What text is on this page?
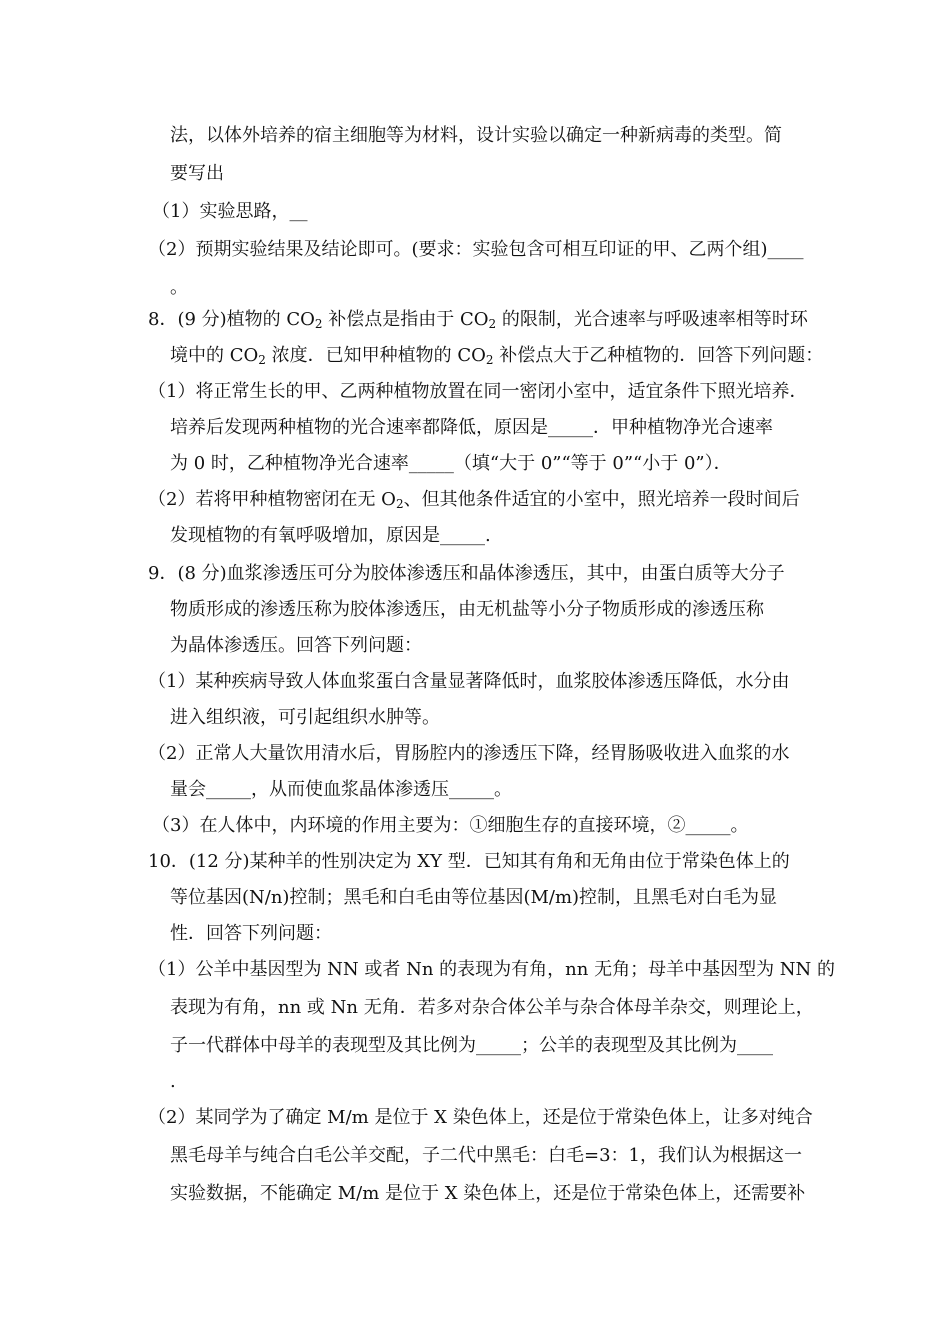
法，以体外培养的宿主细胞等为材料，设计实验以确定一种新病毒的类型。简
要写出
（1）实验思路，__
（2）预期实验结果及结论即可。(要求：实验包含可相互印证的甲、乙两个组)____
。
8．(9 分)植物的 $CO_2$ 补偿点是指由于 $CO_2$ 的限制，光合速率与呼吸速率相等时环
境中的 $CO_2$ 浓度．已知甲种植物的 $CO_2$ 补偿点大于乙种植物的．回答下列问题：
（1）将正常生长的甲、乙两种植物放置在同一密闭小室中，适宜条件下照光培养．
培养后发现两种植物的光合速率都降低，原因是_____．甲种植物净光合速率
为 0 时，乙种植物净光合速率_____（填“大于 0”“等于 0”“小于 0”）．
（2）若将甲种植物密闭在无 $O_2$、但其他条件适宜的小室中，照光培养一段时间后
发现植物的有氧呼吸增加，原因是_____.
9．(8 分)血浆渗透压可分为胶体渗透压和晶体渗透压，其中，由蛋白质等大分子
物质形成的渗透压称为胶体渗透压，由无机盐等小分子物质形成的渗透压称
为晶体渗透压。回答下列问题：
（1）某种疾病导致人体血浆蛋白含量显著降低时，血浆胶体渗透压降低，水分由
进入组织液，可引起组织水肿等。
（2）正常人大量饮用清水后，胃肠腔内的渗透压下降，经胃肠吸收进入血浆的水
量会_____，从而使血浆晶体渗透压_____。
（3）在人体中，内环境的作用主要为：①细胞生存的直接环境，②_____。
10．(12 分)某种羊的性别决定为 XY 型．已知其有角和无角由位于常染色体上的
等位基因(N/n)控制；黑毛和白毛由等位基因(M/m)控制，且黑毛对白毛为显
性．回答下列问题：
（1）公羊中基因型为 NN 或者 Nn 的表现为有角，nn 无角；母羊中基因型为 NN 的
表现为有角，nn 或 Nn 无角．若多对杂合体公羊与杂合体母羊杂交，则理论上，
子一代群体中母羊的表现型及其比例为_____；公羊的表现型及其比例为____
.
（2）某同学为了确定 M/m 是位于 X 染色体上，还是位于常染色体上，让多对纯合
黑毛母羊与纯合白毛公羊交配，子二代中黑毛：白毛=3：1，我们认为根据这一
实验数据，不能确定 M/m 是位于 X 染色体上，还是位于常染色体上，还需要补
